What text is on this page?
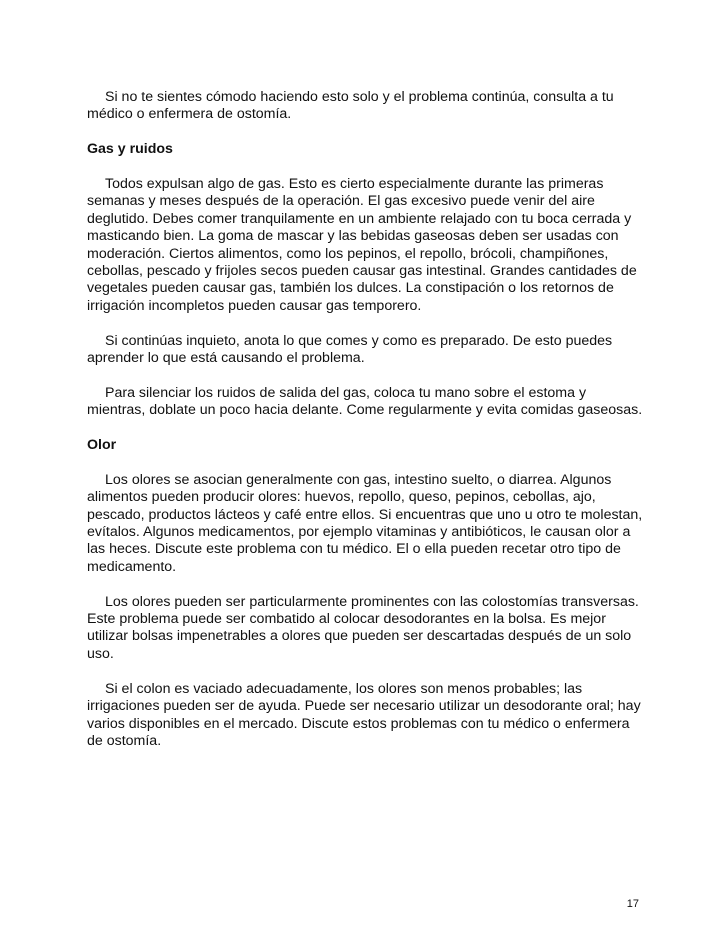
Si no te sientes cómodo haciendo esto solo y el problema continúa, consulta a tu médico o enfermera de ostomía.

Gas y ruidos

Todos expulsan algo de gas. Esto es cierto especialmente durante las primeras semanas y meses después de la operación. El gas excesivo puede venir del aire deglutido. Debes comer tranquilamente en un ambiente relajado con tu boca cerrada y masticando bien. La goma de mascar y las bebidas gaseosas deben ser usadas con moderación. Ciertos alimentos, como los pepinos, el repollo, brócoli, champiñones, cebollas, pescado y frijoles secos pueden causar gas intestinal. Grandes cantidades de vegetales pueden causar gas, también los dulces. La constipación o los retornos de irrigación incompletos pueden causar gas temporero.

Si continúas inquieto, anota lo que comes y como es preparado. De esto puedes aprender lo que está causando el problema.

Para silenciar los ruidos de salida del gas, coloca tu mano sobre el estoma y mientras, doblate un poco hacia delante. Come regularmente y evita comidas gaseosas.

Olor

Los olores se asocian generalmente con gas, intestino suelto, o diarrea. Algunos alimentos pueden producir olores: huevos, repollo, queso, pepinos, cebollas, ajo, pescado, productos lácteos y café entre ellos. Si encuentras que uno u otro te molestan, evítalos. Algunos medicamentos, por ejemplo vitaminas y antibióticos, le causan olor a las heces. Discute este problema con tu médico. El o ella pueden recetar otro tipo de medicamento.

Los olores pueden ser particularmente prominentes con las colostomías transversas. Este problema puede ser combatido al colocar desodorantes en la bolsa. Es mejor utilizar bolsas impenetrables a olores que pueden ser descartadas después de un solo uso.

Si el colon es vaciado adecuadamente, los olores son menos probables; las irrigaciones pueden ser de ayuda. Puede ser necesario utilizar un desodorante oral; hay varios disponibles en el mercado. Discute estos problemas con tu médico o enfermera de ostomía.

17
